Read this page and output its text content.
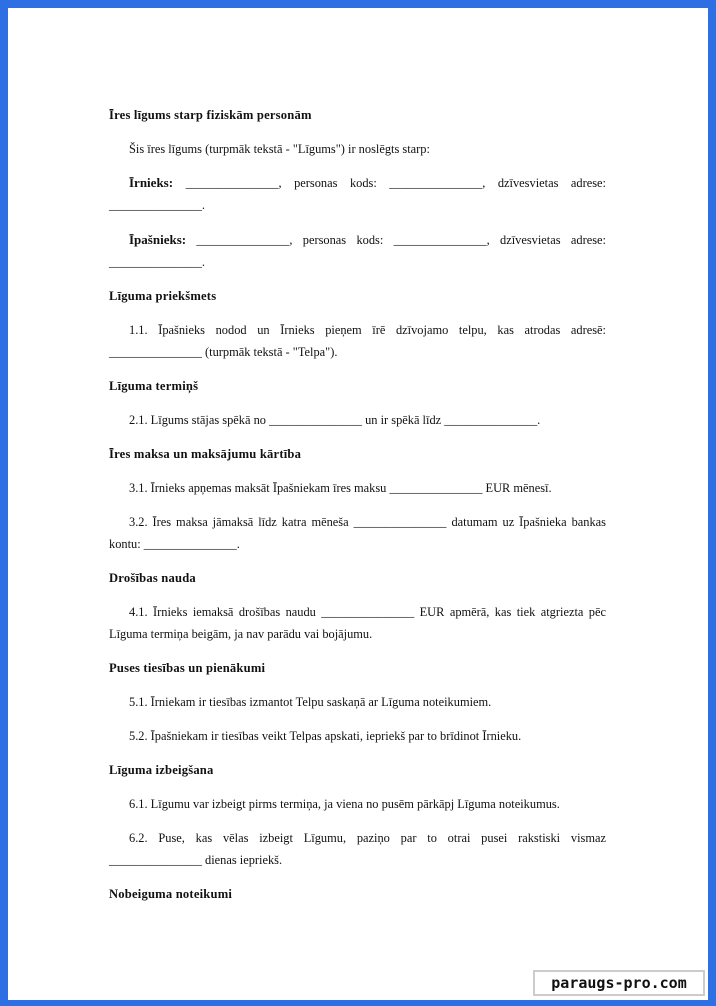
Īres līgums starp fiziskām personām

Šis īres līgums (turpmāk tekstā - "Līgums") ir noslēgts starp:

Īrnieks: _______________, personas kods: _______________, dzīvesvietas adrese: _______________.

Īpašnieks: _______________, personas kods: _______________, dzīvesvietas adrese: _______________.

Līguma priekšmets

1.1. Īpašnieks nodod un Īrnieks pieņem īrē dzīvojamo telpu, kas atrodas adresē: _______________ (turpmāk tekstā - "Telpa").

Līguma termiņš

2.1. Līgums stājas spēkā no _______________ un ir spēkā līdz _______________.

Īres maksa un maksājumu kārtība

3.1. Īrnieks apņemas maksāt Īpašniekam īres maksu _______________ EUR mēnesī.

3.2. Īres maksa jāmaksā līdz katra mēneša _______________ datumam uz Īpašnieka bankas kontu: _______________.

Drošības nauda

4.1. Īrnieks iemaksā drošības naudu _______________ EUR apmērā, kas tiek atgriezta pēc Līguma termiņa beigām, ja nav parādu vai bojājumu.

Puses tiesības un pienākumi

5.1. Īrniekam ir tiesības izmantot Telpu saskaņā ar Līguma noteikumiem.

5.2. Īpašniekam ir tiesības veikt Telpas apskati, iepriekš par to brīdinot Īrnieku.

Līguma izbeigšana

6.1. Līgumu var izbeigt pirms termiņa, ja viena no pusēm pārkāpj Līguma noteikumus.

6.2. Puse, kas vēlas izbeigt Līgumu, paziņo par to otrai pusei rakstiski vismaz _______________ dienas iepriekš.

Nobeiguma noteikumi
paraugs-pro.com
